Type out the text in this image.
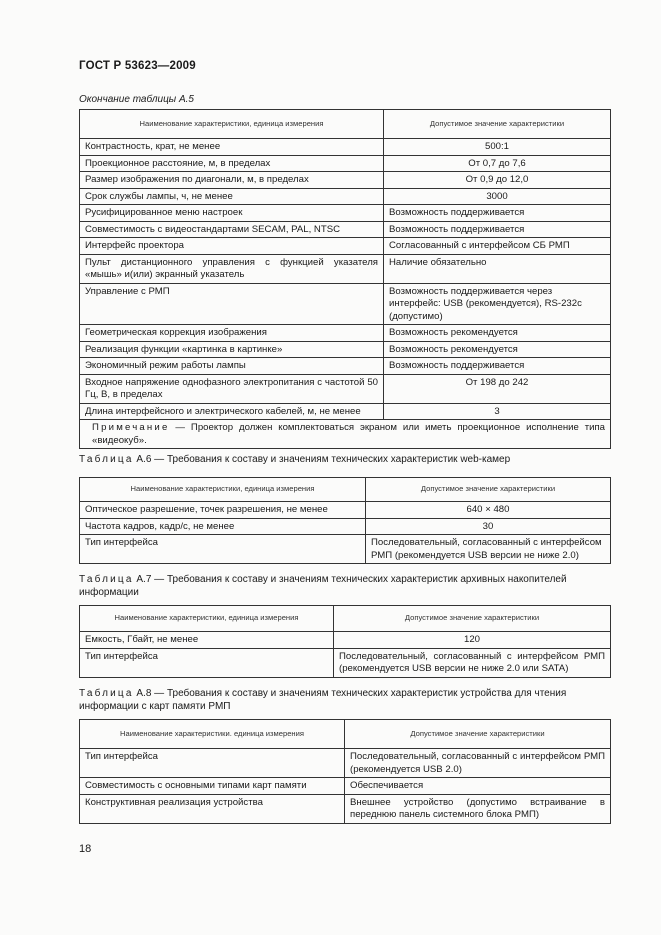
ГОСТ Р 53623—2009
Окончание таблицы А.5
Наименование характеристики, единица измерения	Допустимое значение характеристики
Контрастность, крат, не менее	500:1
Проекционное расстояние, м, в пределах	От 0,7 до 7,6
Размер изображения по диагонали, м, в пределах	От 0,9 до 12,0
Срок службы лампы, ч, не менее	3000
Русифицированное меню настроек	Возможность поддерживается
Совместимость с видеостандартами SECAM, PAL, NTSC	Возможность поддерживается
Интерфейс проектора	Согласованный с интерфейсом СБ РМП
Пульт дистанционного управления с функцией указателя «мышь» и(или) экранный указатель	Наличие обязательно
Управление с РМП	Возможность поддерживается через интерфейс: USB (рекомендуется), RS-232c (допустимо)
Геометрическая коррекция изображения	Возможность рекомендуется
Реализация функции «картинка в картинке»	Возможность рекомендуется
Экономичный режим работы лампы	Возможность поддерживается
Входное напряжение однофазного электропитания с частотой 50 Гц, В, в пределах	От 198 до 242
Длина интерфейсного и электрического кабелей, м, не менее	3
Примечание — Проектор должен комплектоваться экраном или иметь проекционное исполнение типа «видеокуб».	
Таблица А.6 — Требования к составу и значениям технических характеристик web-камер
Наименование характеристики, единица измерения	Допустимое значение характеристики
Оптическое разрешение, точек разрешения, не менее	640 × 480
Частота кадров, кадр/с, не менее	30
Тип интерфейса	Последовательный, согласованный с интерфейсом РМП (рекомендуется USB версии не ниже 2.0)
Таблица А.7 — Требования к составу и значениям технических характеристик архивных накопителей информации
Наименование характеристики, единица измерения	Допустимое значение характеристики
Емкость, Гбайт, не менее	120
Тип интерфейса	Последовательный, согласованный с интерфейсом РМП (рекомендуется USB версии не ниже 2.0 или SATA)
Таблица А.8 — Требования к составу и значениям технических характеристик устройства для чтения информации с карт памяти РМП
Наименование характеристики. единица измерения	Допустимое значение характеристики
Тип интерфейса	Последовательный, согласованный с интерфейсом РМП (рекомендуется USB 2.0)
Совместимость с основными типами карт памяти	Обеспечивается
Конструктивная реализация устройства	Внешнее устройство (допустимо встраивание в переднюю панель системного блока РМП)
18
